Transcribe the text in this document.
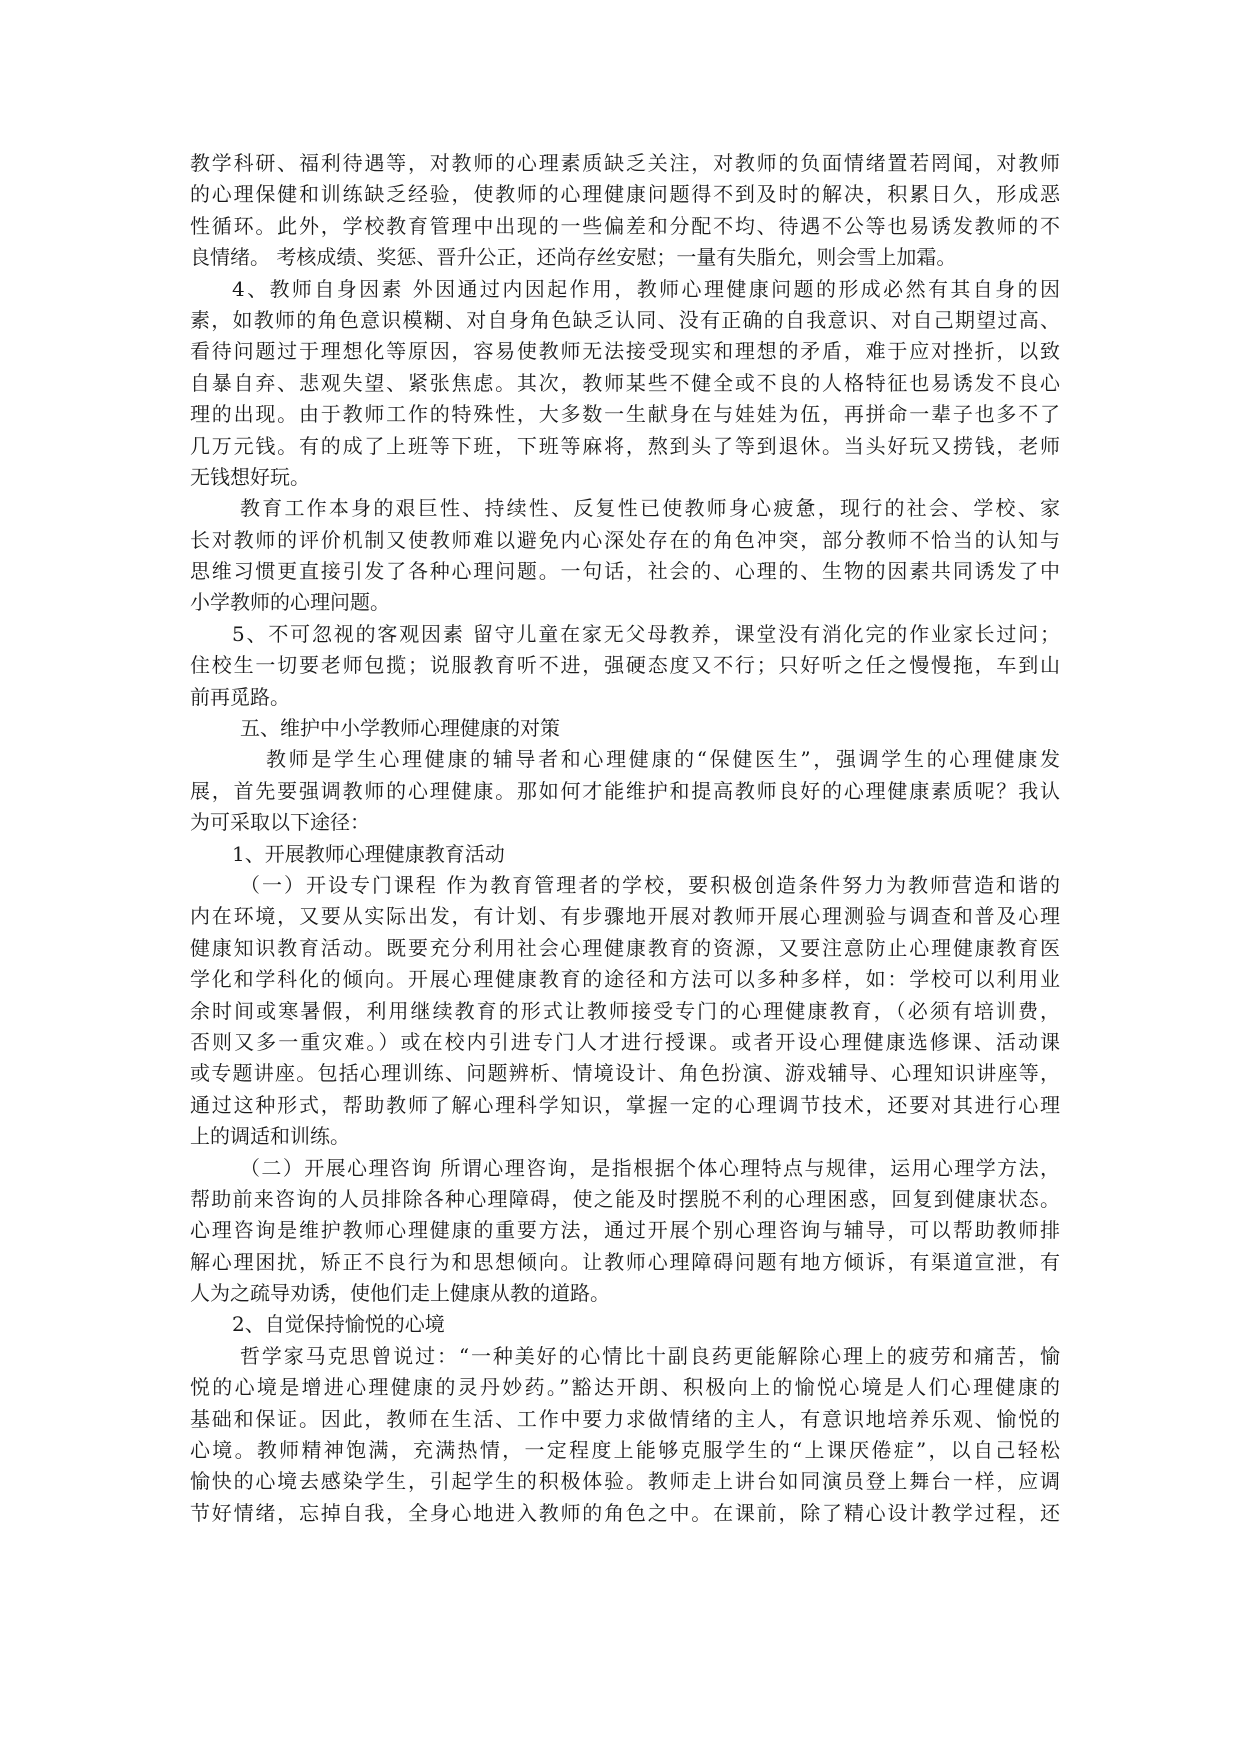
教学科研、福利待遇等，对教师的心理素质缺乏关注，对教师的负面情绪置若罔闻，对教师
的心理保健和训练缺乏经验，使教师的心理健康问题得不到及时的解决，积累日久，形成恶
性循环。此外，学校教育管理中出现的一些偏差和分配不均、待遇不公等也易诱发教师的不
良情绪。 考核成绩、奖惩、晋升公正，还尚存丝安慰；一量有失脂允，则会雪上加霜。
4、教师自身因素 外因通过内因起作用，教师心理健康问题的形成必然有其自身的因
素，如教师的角色意识模糊、对自身角色缺乏认同、没有正确的自我意识、对自己期望过高、
看待问题过于理想化等原因，容易使教师无法接受现实和理想的矛盾，难于应对挫折，以致
自暴自弃、悲观失望、紧张焦虑。其次，教师某些不健全或不良的人格特征也易诱发不良心
理的出现。由于教师工作的特殊性，大多数一生献身在与娃娃为伍，再拼命一辈子也多不了
几万元钱。有的成了上班等下班，下班等麻将，熬到头了等到退休。当头好玩又捞钱，老师
无钱想好玩。
教育工作本身的艰巨性、持续性、反复性已使教师身心疲惫，现行的社会、学校、家
长对教师的评价机制又使教师难以避免内心深处存在的角色冲突，部分教师不恰当的认知与
思维习惯更直接引发了各种心理问题。一句话，社会的、心理的、生物的因素共同诱发了中
小学教师的心理问题。
5、不可忽视的客观因素 留守儿童在家无父母教养，课堂没有消化完的作业家长过问；
住校生一切要老师包揽；说服教育听不进，强硬态度又不行；只好听之任之慢慢拖，车到山
前再觅路。
五、维护中小学教师心理健康的对策
教师是学生心理健康的辅导者和心理健康的“保健医生”，强调学生的心理健康发
展，首先要强调教师的心理健康。那如何才能维护和提高教师良好的心理健康素质呢？我认
为可采取以下途径：
1、开展教师心理健康教育活动
（一）开设专门课程 作为教育管理者的学校，要积极创造条件努力为教师营造和谐的
内在环境，又要从实际出发，有计划、有步骤地开展对教师开展心理测验与调查和普及心理
健康知识教育活动。既要充分利用社会心理健康教育的资源，又要注意防止心理健康教育医
学化和学科化的倾向。开展心理健康教育的途径和方法可以多种多样，如：学校可以利用业
余时间或寒暑假，利用继续教育的形式让教师接受专门的心理健康教育，（必须有培训费，
否则又多一重灾难。）或在校内引进专门人才进行授课。或者开设心理健康选修课、活动课
或专题讲座。包括心理训练、问题辨析、情境设计、角色扮演、游戏辅导、心理知识讲座等，
通过这种形式，帮助教师了解心理科学知识，掌握一定的心理调节技术，还要对其进行心理
上的调适和训练。
（二）开展心理咨询 所谓心理咨询，是指根据个体心理特点与规律，运用心理学方法，
帮助前来咨询的人员排除各种心理障碍，使之能及时摆脱不利的心理困惑，回复到健康状态。
心理咨询是维护教师心理健康的重要方法，通过开展个别心理咨询与辅导，可以帮助教师排
解心理困扰，矫正不良行为和思想倾向。让教师心理障碍问题有地方倾诉，有渠道宣泄，有
人为之疏导劝诱，使他们走上健康从教的道路。
2、自觉保持愉悦的心境
哲学家马克思曾说过：“一种美好的心情比十副良药更能解除心理上的疲劳和痛苦，愉
悦的心境是增进心理健康的灵丹妙药。”豁达开朗、积极向上的愉悦心境是人们心理健康的
基础和保证。因此，教师在生活、工作中要力求做情绪的主人，有意识地培养乐观、愉悦的
心境。教师精神饱满，充满热情，一定程度上能够克服学生的“上课厌倦症”，以自己轻松
愉快的心境去感染学生，引起学生的积极体验。教师走上讲台如同演员登上舞台一样，应调
节好情绪，忘掉自我，全身心地进入教师的角色之中。在课前，除了精心设计教学过程，还
